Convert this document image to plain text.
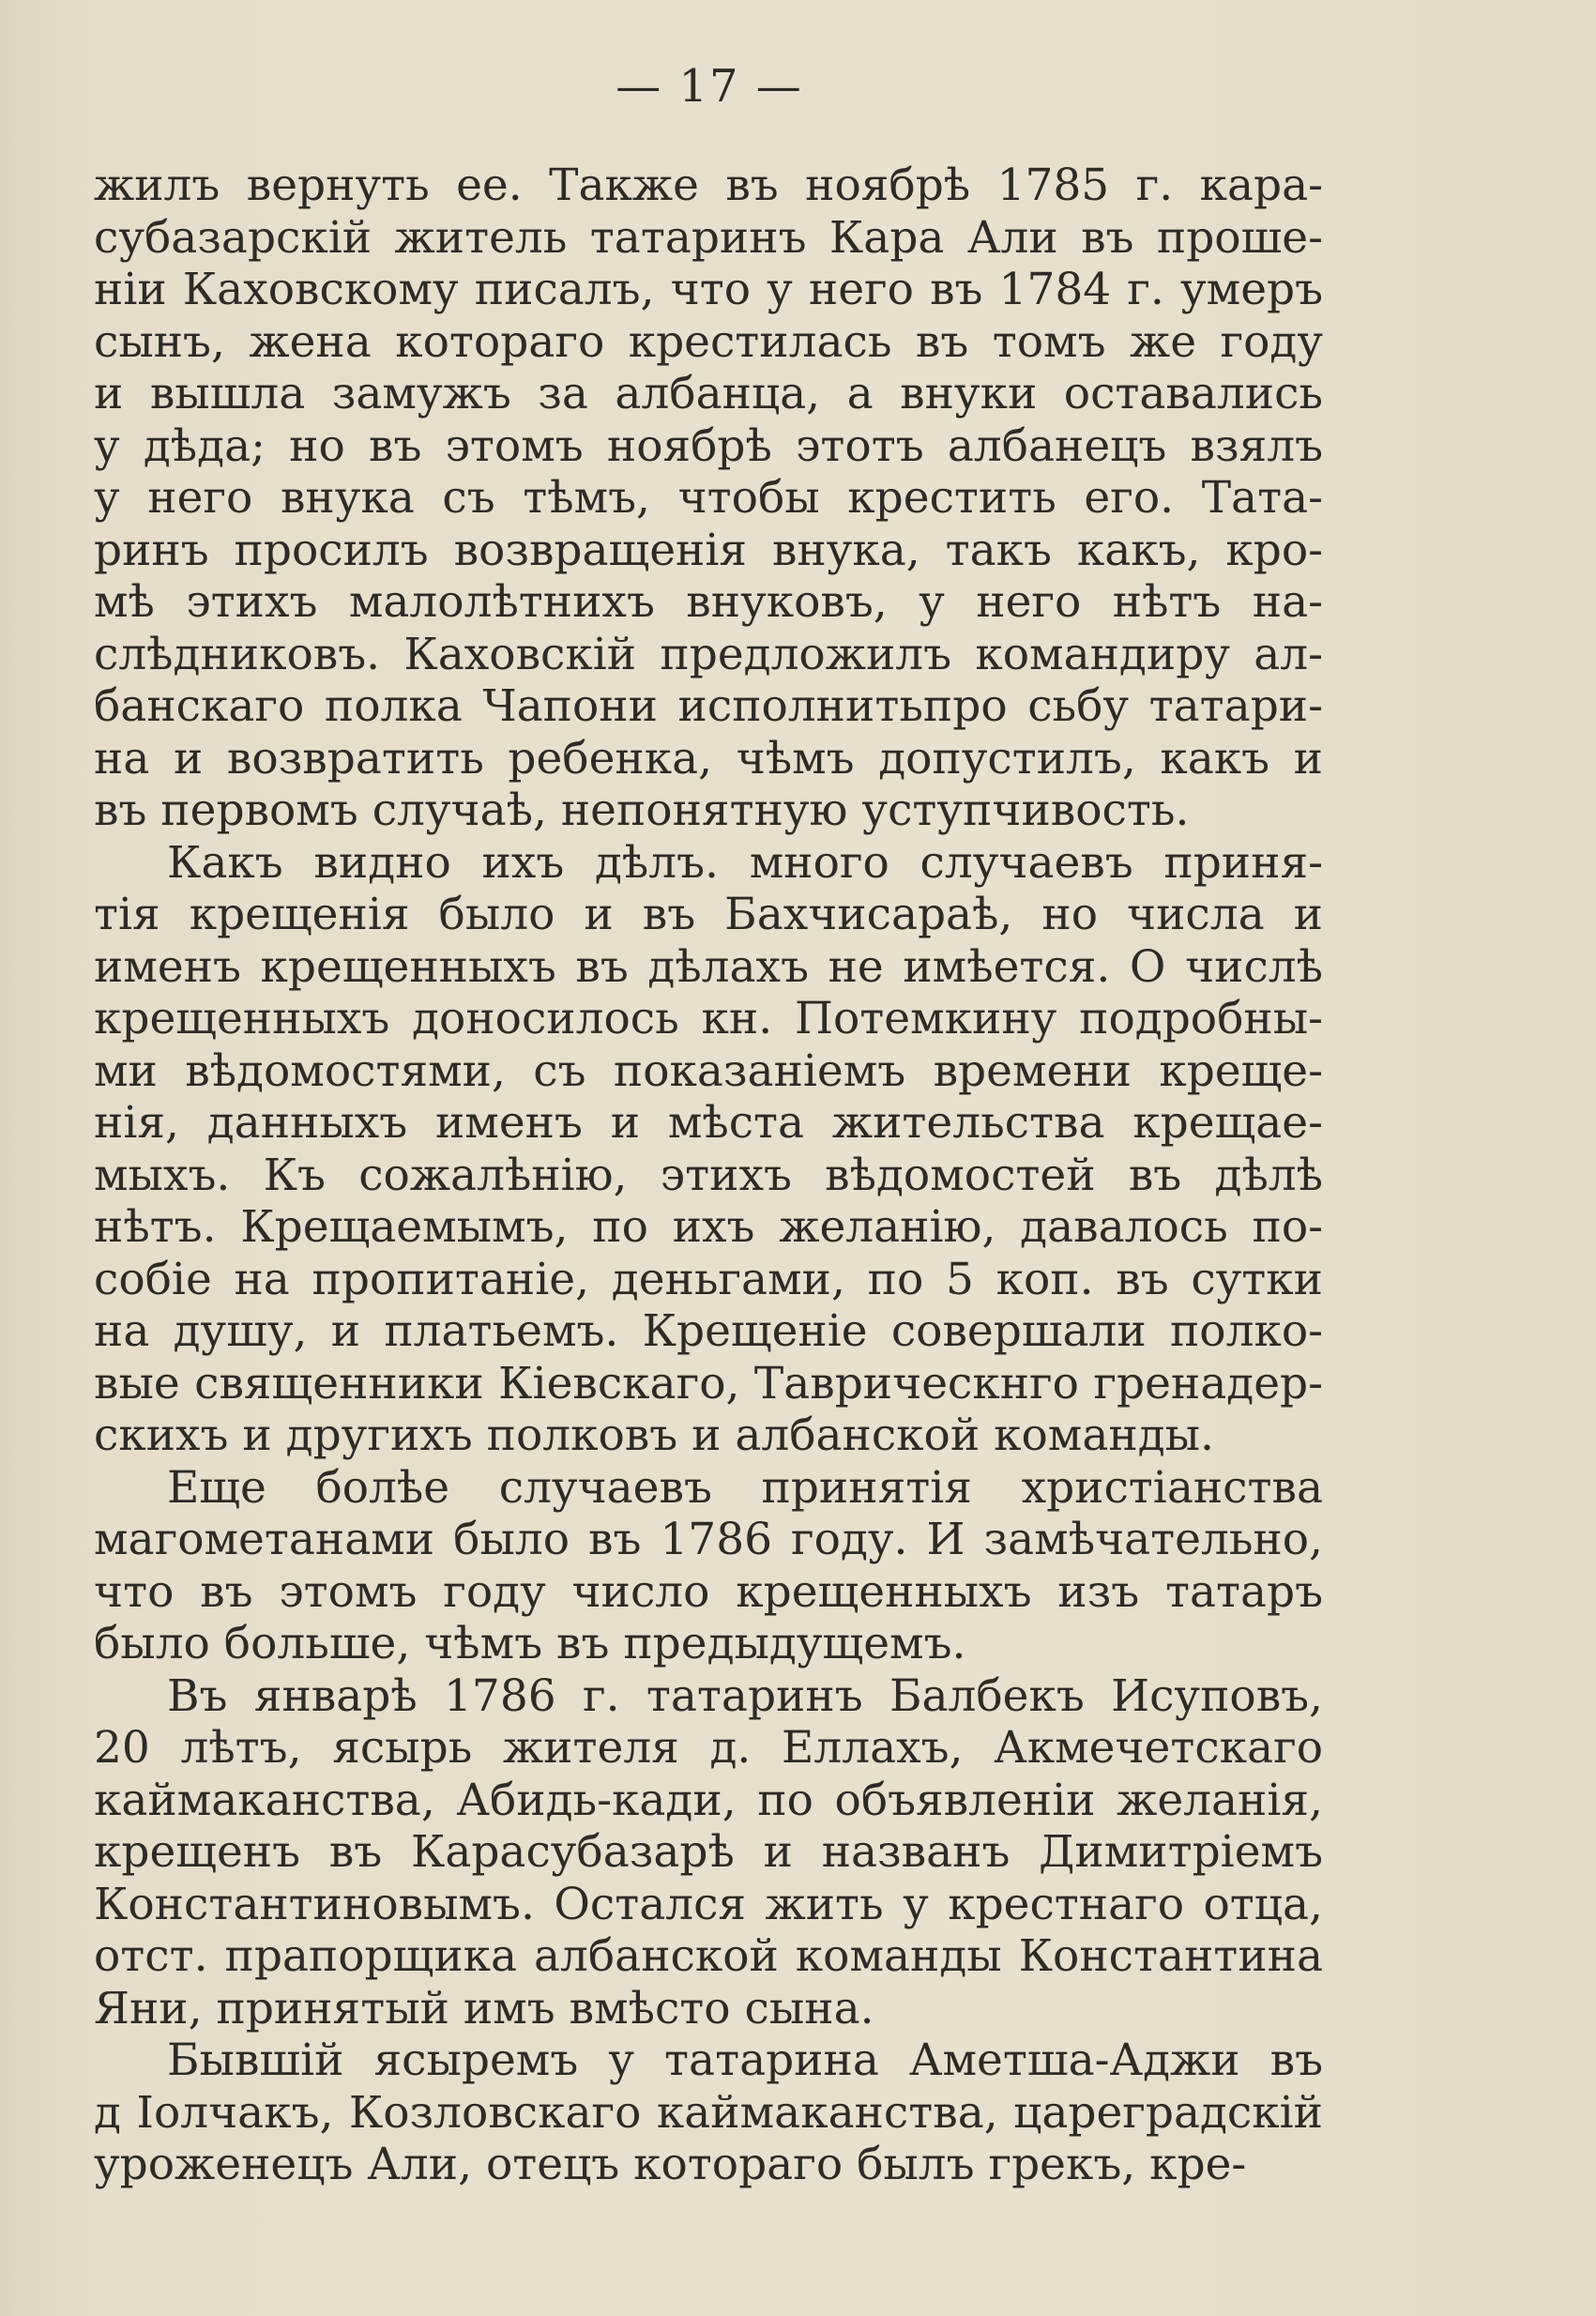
— 17 —
жилъ вернуть ее. Также въ ноябрѣ 1785 г. кара-
субазарскій житель татаринъ Кара Али въ проше-
ніи Каховскому писалъ, что у него въ 1784 г. умеръ
сынъ, жена котораго крестилась въ томъ же году
и вышла замужъ за албанца, а внуки оставались
у дѣда; но въ этомъ ноябрѣ этотъ албанецъ взялъ
у него внука съ тѣмъ, чтобы крестить его. Тата-
ринъ просилъ возвращенія внука, такъ какъ, кро-
мѣ этихъ малолѣтнихъ внуковъ, у него нѣтъ на-
слѣдниковъ. Каховскій предложилъ командиру ал-
банскаго полка Чапони исполнитьпро сьбу татари-
на и возвратить ребенка, чѣмъ допустилъ, какъ и
въ первомъ случаѣ, непонятную уступчивость.
Какъ видно ихъ дѣлъ. много случаевъ приня-
тія крещенія было и въ Бахчисараѣ, но числа и
именъ крещенныхъ въ дѣлахъ не имѣется. О числѣ
крещенныхъ доносилось кн. Потемкину подробны-
ми вѣдомостями, съ показаніемъ времени креще-
нія, данныхъ именъ и мѣста жительства крещае-
мыхъ. Къ сожалѣнію, этихъ вѣдомостей въ дѣлѣ
нѣтъ. Крещаемымъ, по ихъ желанію, давалось по-
собіе на пропитаніе, деньгами, по 5 коп. въ сутки
на душу, и платьемъ. Крещеніе совершали полко-
вые священники Кіевскаго, Таврическнго гренадер-
скихъ и другихъ полковъ и албанской команды.
Еще болѣе случаевъ принятія христіанства
магометанами было въ 1786 году. И замѣчательно,
что въ этомъ году число крещенныхъ изъ татаръ
было больше, чѣмъ въ предыдущемъ.
Въ январѣ 1786 г. татаринъ Балбекъ Исуповъ,
20 лѣтъ, ясырь жителя д. Еллахъ, Акмечетскаго
каймаканства, Абидь-кади, по объявленіи желанія,
крещенъ въ Карасубазарѣ и названъ Димитріемъ
Константиновымъ. Остался жить у крестнаго отца,
отст. прапорщика албанской команды Константина
Яни, принятый имъ вмѣсто сына.
Бывшій ясыремъ у татарина Аметша-Аджи въ
д Іолчакъ, Козловскаго каймаканства, цареградскій
уроженецъ Али, отецъ котораго былъ грекъ, кре-
